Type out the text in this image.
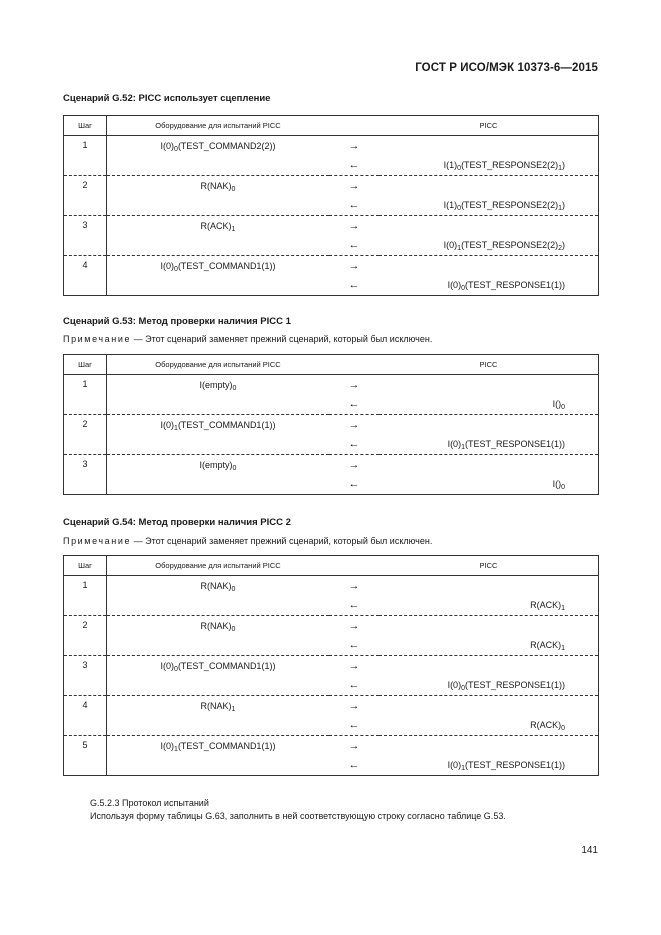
ГОСТ Р ИСО/МЭК 10373-6—2015

Сценарий G.52: PICC использует сцепление

Шаг	Оборудование для испытаний PICC		PICC
1	$I(0)_0(TEST\_COMMAND2(2))$	→	
		←	$I(1)_0(TEST\_RESPONSE2(2)_1)$
2	$R(NAK)_0$	→	
		←	$I(1)_0(TEST\_RESPONSE2(2)_1)$
3	$R(ACK)_1$	→	
		←	$I(0)_1(TEST\_RESPONSE2(2)_2)$
4	$I(0)_0(TEST\_COMMAND1(1))$	→	
		←	$I(0)_0(TEST\_RESPONSE1(1))$

Сценарий G.53: Метод проверки наличия PICC 1

Примечание — Этот сценарий заменяет прежний сценарий, который был исключен.

Шаг	Оборудование для испытаний PICC		PICC
1	$I(empty)_0$	→	
		←	$I()_0$
2	$I(0)_1(TEST\_COMMAND1(1))$	→	
		←	$I(0)_1(TEST\_RESPONSE1(1))$
3	$I(empty)_0$	→	
		←	$I()_0$

Сценарий G.54: Метод проверки наличия PICC 2

Примечание — Этот сценарий заменяет прежний сценарий, который был исключен.

Шаг	Оборудование для испытаний PICC		PICC
1	$R(NAK)_0$	→	
		←	$R(ACK)_1$
2	$R(NAK)_0$	→	
		←	$R(ACK)_1$
3	$I(0)_0(TEST\_COMMAND1(1))$	→	
		←	$I(0)_0(TEST\_RESPONSE1(1))$
4	$R(NAK)_1$	→	
		←	$R(ACK)_0$
5	$I(0)_1(TEST\_COMMAND1(1))$	→	
		←	$I(0)_1(TEST\_RESPONSE1(1))$
G.5.2.3 Протокол испытаний
Используя форму таблицы G.63, заполнить в ней соответствующую строку согласно таблице G.53.
141
